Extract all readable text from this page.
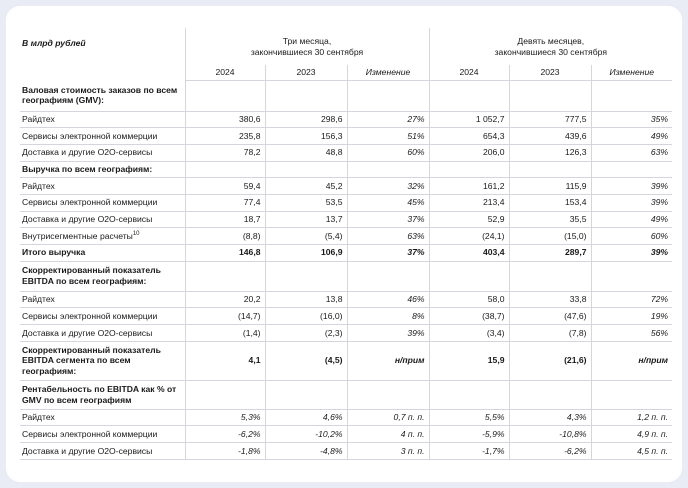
В млрд рублей	Три месяца,
закончившиеся 30 сентября			Девять месяцев,
закончившиеся 30 сентября		
	2024	2023	Изменение	2024	2023	Изменение
Валовая стоимость заказов по всем географиям (GMV):						
Райдтех	380,6	298,6	27%	1 052,7	777,5	35%
Сервисы электронной коммерции	235,8	156,3	51%	654,3	439,6	49%
Доставка и другие O2O-сервисы	78,2	48,8	60%	206,0	126,3	63%
Выручка по всем географиям:						
Райдтех	59,4	45,2	32%	161,2	115,9	39%
Сервисы электронной коммерции	77,4	53,5	45%	213,4	153,4	39%
Доставка и другие O2O-сервисы	18,7	13,7	37%	52,9	35,5	49%
Внутрисегментные расчеты$^{10}$	(8,8)	(5,4)	63%	(24,1)	(15,0)	60%
Итого выручка	146,8	106,9	37%	403,4	289,7	39%
Скорректированный показатель EBITDA по всем географиям:						
Райдтех	20,2	13,8	46%	58,0	33,8	72%
Сервисы электронной коммерции	(14,7)	(16,0)	8%	(38,7)	(47,6)	19%
Доставка и другие O2O-сервисы	(1,4)	(2,3)	39%	(3,4)	(7,8)	56%
Скорректированный показатель EBITDA сегмента по всем географиям:	4,1	(4,5)	н/прим	15,9	(21,6)	н/прим
Рентабельность по EBITDA как % от GMV по всем географиям						
Райдтех	5,3%	4,6%	0,7 п. п.	5,5%	4,3%	1,2 п. п.
Сервисы электронной коммерции	-6,2%	-10,2%	4 п. п.	-5,9%	-10,8%	4,9 п. п.
Доставка и другие O2O-сервисы	-1,8%	-4,8%	3 п. п.	-1,7%	-6,2%	4,5 п. п.
